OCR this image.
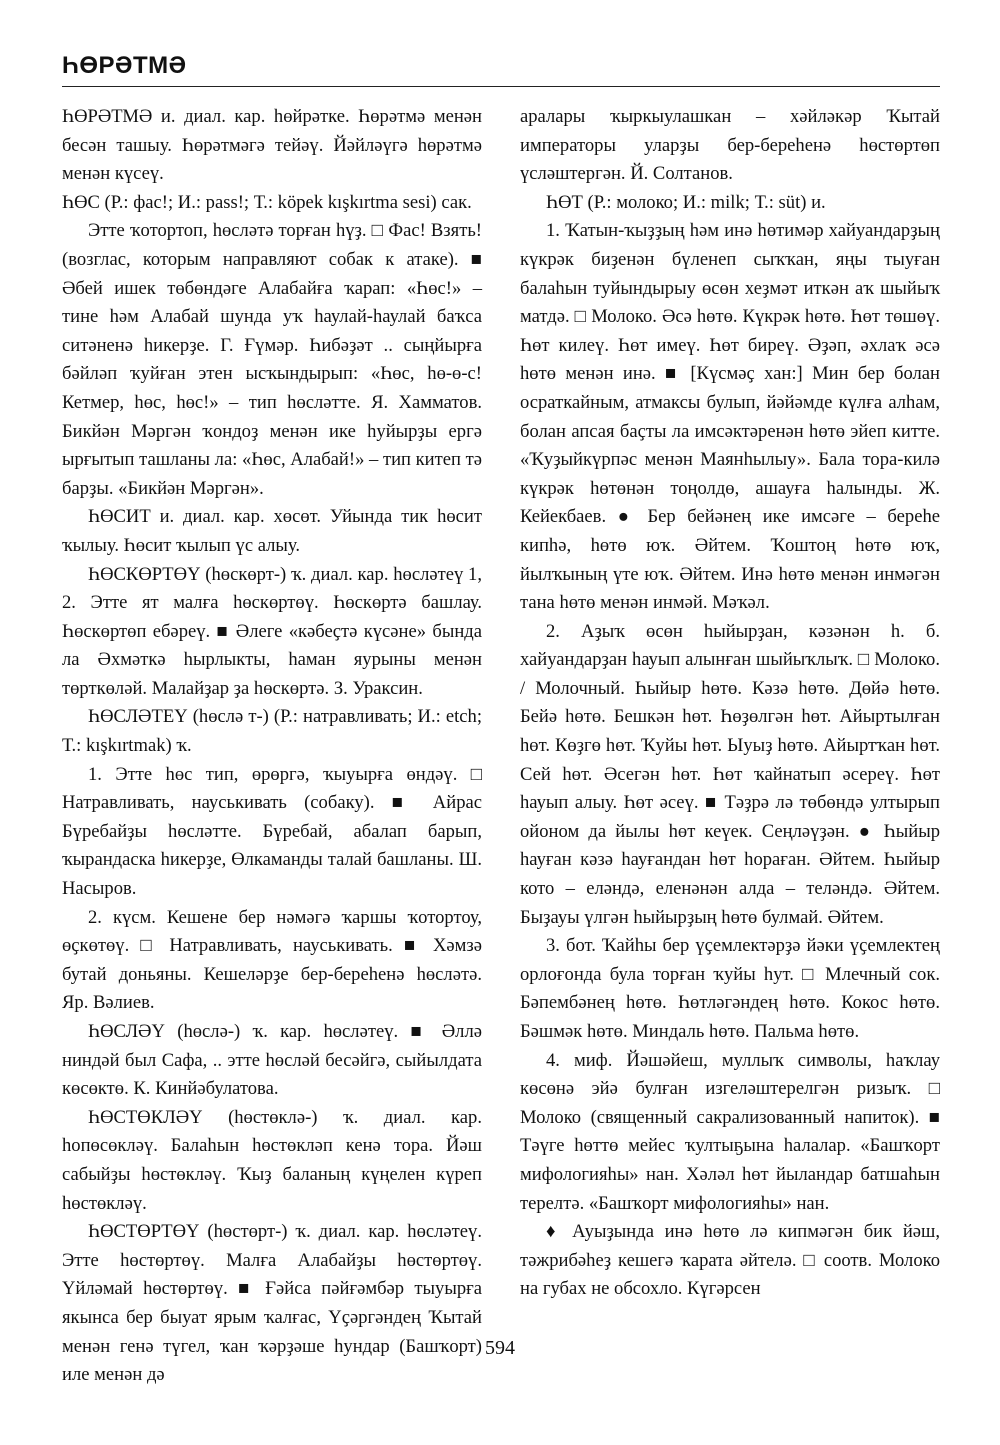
ҺӨРӘТМӘ

ҺӨРӘТМӘ и. диал. кар. һөйрәтке. Һөрәтмә менән бесән ташыу. Һөрәтмәгә тейәү. Йәйләүгә һөрәтмә менән күсеү.

ҺӨС (Р.: фас!; И.: pass!; Т.: köpek kışkırtma sesi) сак.

Этте ҡотортоп, һөсләтә торған һүҙ. □ Фас! Взять! (возглас, которым направляют собак к атаке). ■ Әбей ишек төбөндәге Алабайға ҡарап: «Һөс!» – тине һәм Алабай шунда уҡ һаулай-һаулай баҡса ситәненә һикерҙе. Г. Ғүмәр. Һибәҙәт .. сыңйырға бәйләп ҡуйған этен ысҡындырып: «Һөс, һө-ө-с! Кетмер, һөс, һөс!» – тип һөсләтте. Я. Хамматов. Бикйән Мәргән ҡондоҙ менән ике һуйырҙы ергә ырғытып ташланы ла: «Һөс, Алабай!» – тип китеп тә барҙы. «Бикйән Мәргән».

ҺӨСИТ и. диал. кар. хөсөт. Уйында тик һөсит ҡылыу. Һөсит ҡылып үс алыу.

ҺӨСКӨРТӨҮ (һөскөрт-) ҡ. диал. кар. һөсләтеү 1, 2. Этте ят малға һөскөртөү. Һөскөртә башлау. Һөскөртөп ебәреү. ■ Әлеге «кәбеҫтә күсәне» бында ла Әхмәткә һырлыкты, һаман яурыны менән төрткөләй. Малайҙар ҙа һөскөртә. З. Ураксин.

ҺӨСЛӘТЕҮ (һөслә т-) (Р.: натравливать; И.: etch; Т.: kışkırtmak) ҡ.

1. Этте һөс тип, өрөргә, ҡыуырға өндәү. □ Натравливать, науськивать (собаку). ■ Айрас Бүребайҙы һөсләтте. Бүребай, абалап барып, ҡырандаска һикерҙе, Өлкаманды талай башланы. Ш. Насыров.

2. күсм. Кешене бер нәмәгә ҡаршы ҡотортоу, өҫкөтөү. □ Натравливать, науськивать. ■ Хәмзә бутай доньяны. Кешеләрҙе бер-береһенә һөсләтә. Яр. Вәлиев.

ҺӨСЛӘҮ (һөслә-) ҡ. кар. һөсләтеү. ■ Әллә ниндәй был Сафа, .. этте һөсләй бесәйгә, сыйылдата көсөктө. К. Кинйәбулатова.

ҺӨСТӨКЛӘҮ (һөстөклә-) ҡ. диал. кар. һопөсөкләү. Балаһын һөстөкләп кенә тора. Йәш сабыйҙы һөстөкләү. Ҡыҙ баланың күңелен күреп һөстөкләү.

ҺӨСТӨРТӨҮ (һөстөрт-) ҡ. диал. кар. һөсләтеү. Этте һөстөртөү. Малға Алабайҙы һөстөртөү. Үйләмай һөстөртөү. ■ Ғәйса пәйғәмбәр тыуырға якынса бер быуат ярым ҡалғас, Үҫәргәндең Ҡытай менән генә түгел, ҡан ҡәрҙәше һундар (Башҡорт) иле менән дә

аралары ҡыркыулашкан – хәйләкәр Ҡытай императоры уларҙы бер-береһенә һөстөртөп үсләштергән. Й. Солтанов.

ҺӨТ (Р.: молоко; И.: milk; Т.: süt) и.

1. Ҡатын-ҡыҙҙың һәм инә һөтимәр хайуандарҙың күкрәк биҙенән бүленеп сыҡҡан, яңы тыуған балаһын туйындырыу өсөн хеҙмәт иткән аҡ шыйыҡ матдә. □ Молоко. Әсә һөтө. Күкрәк һөтө. Һөт төшөү. Һөт килеү. Һөт имеү. Һөт биреү. Әҙәп, әхлаҡ әсә һөтө менән инә. ■ [Күсмәҫ хан:] Мин бер болан осраткайным, атмаксы булып, йәйәмде күлға алһам, болан апсая баҫты ла имсәктәренән һөтө эйеп китте. «Ҡуҙыйкүрпәс менән Маянһылыу». Бала тора-килә күкрәк һөтөнән тоңолдө, ашауға һалынды. Ж. Кейекбаев. ● Бер бейәнең ике имсәге – береһе кипһә, һөтө юҡ. Әйтем. Ҡоштоң һөтө юҡ, йылҡының үте юҡ. Әйтем. Инә һөтө менән инмәгән тана һөтө менән инмәй. Мәҡәл.

2. Аҙыҡ өсөн һыйырҙан, кәзәнән һ. б. хайуандарҙан һауып алынған шыйыҡлыҡ. □ Молоко. / Молочный. Һыйыр һөтө. Кәзә һөтө. Дөйә һөтө. Бейә һөтө. Бешкән һөт. Һөҙөлгән һөт. Айыртылған һөт. Көҙгө һөт. Ҡуйы һөт. Ыуыҙ һөтө. Айыртҡан һөт. Сей һөт. Әсегән һөт. Һөт ҡайнатып әсереү. Һөт һауып алыу. Һөт әсеү. ■ Тәҙрә лә төбөндә ултырып ойоном да йылы һөт кеүек. Сеңләүҙән. ● Һыйыр һауған кәзә һауғандан һөт һораған. Әйтем. Һыйыр кото – еләндә, еленәнән алда – теләндә. Әйтем. Быҙауы үлгән һыйырҙың һөтө булмай. Әйтем.

3. бот. Ҡайһы бер үҫемлектәрҙә йәки үҫемлектең орлоғонда була торған ҡуйы һут. □ Млечный сок. Бәпембәнең һөтө. Һөтләгәндең һөтө. Кокос һөтө. Бәшмәк һөтө. Миндаль һөтө. Пальма һөтө.

4. миф. Йәшәйеш, муллыҡ символы, һаҡлау көсөнә эйә булған изгеләштерелгән ризыҡ. □ Молоко (священный сакрализованный напиток). ■ Тәүге һөттө мейес ҡултыҕына һалалар. «Башҡорт мифологияһы» нан. Хәләл һөт йыландар батшаһын терелтә. «Башҡорт мифологияһы» нан.

♦ Ауыҙында инә һөтө лә кипмәгән бик йәш, тәжрибәһеҙ кешегә ҡарата әйтелә. □ соотв. Молоко на губах не обсохло. Күгәрсен

594
